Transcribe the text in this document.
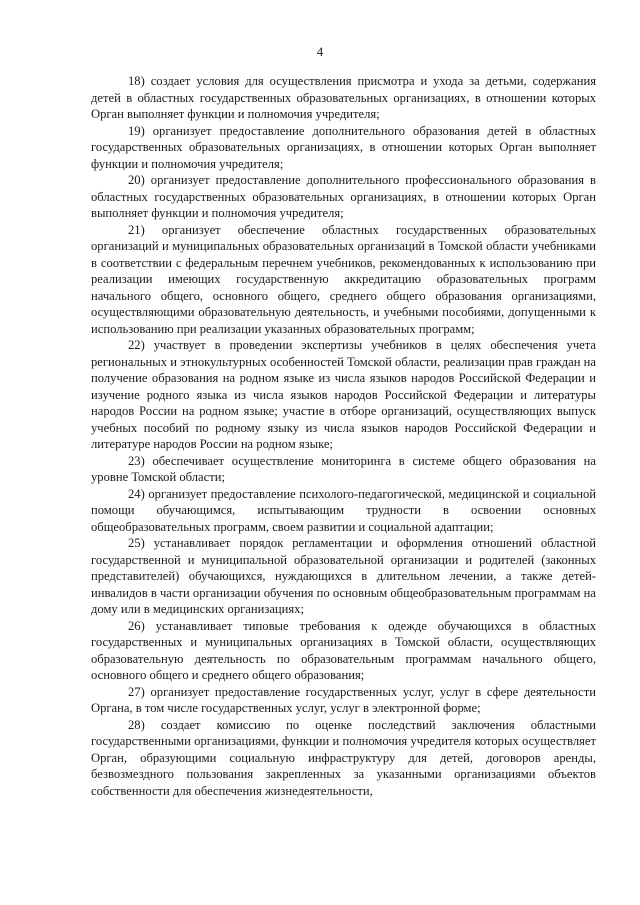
4

18) создает условия для осуществления присмотра и ухода за детьми, содержания детей в областных государственных образовательных организациях, в отношении которых Орган выполняет функции и полномочия учредителя;

19) организует предоставление дополнительного образования детей в областных государственных образовательных организациях, в отношении которых Орган выполняет функции и полномочия учредителя;

20) организует предоставление дополнительного профессионального образования в областных государственных образовательных организациях, в отношении которых Орган выполняет функции и полномочия учредителя;

21) организует обеспечение областных государственных образовательных организаций и муниципальных образовательных организаций в Томской области учебниками в соответствии с федеральным перечнем учебников, рекомендованных к использованию при реализации имеющих государственную аккредитацию образовательных программ начального общего, основного общего, среднего общего образования организациями, осуществляющими образовательную деятельность, и учебными пособиями, допущенными к использованию при реализации указанных образовательных программ;

22) участвует в проведении экспертизы учебников в целях обеспечения учета региональных и этнокультурных особенностей Томской области, реализации прав граждан на получение образования на родном языке из числа языков народов Российской Федерации и изучение родного языка из числа языков народов Российской Федерации и литературы народов России на родном языке; участие в отборе организаций, осуществляющих выпуск учебных пособий по родному языку из числа языков народов Российской Федерации и литературе народов России на родном языке;

23) обеспечивает осуществление мониторинга в системе общего образования на уровне Томской области;

24) организует предоставление психолого-педагогической, медицинской и социальной помощи обучающимся, испытывающим трудности в освоении основных общеобразовательных программ, своем развитии и социальной адаптации;

25) устанавливает порядок регламентации и оформления отношений областной государственной и муниципальной образовательной организации и родителей (законных представителей) обучающихся, нуждающихся в длительном лечении, а также детей-инвалидов в части организации обучения по основным общеобразовательным программам на дому или в медицинских организациях;

26) устанавливает типовые требования к одежде обучающихся в областных государственных и муниципальных организациях в Томской области, осуществляющих образовательную деятельность по образовательным программам начального общего, основного общего и среднего общего образования;

27) организует предоставление государственных услуг, услуг в сфере деятельности Органа, в том числе государственных услуг, услуг в электронной форме;

28) создает комиссию по оценке последствий заключения областными государственными организациями, функции и полномочия учредителя которых осуществляет Орган, образующими социальную инфраструктуру для детей, договоров аренды, безвозмездного пользования закрепленных за указанными организациями объектов собственности для обеспечения жизнедеятельности,
